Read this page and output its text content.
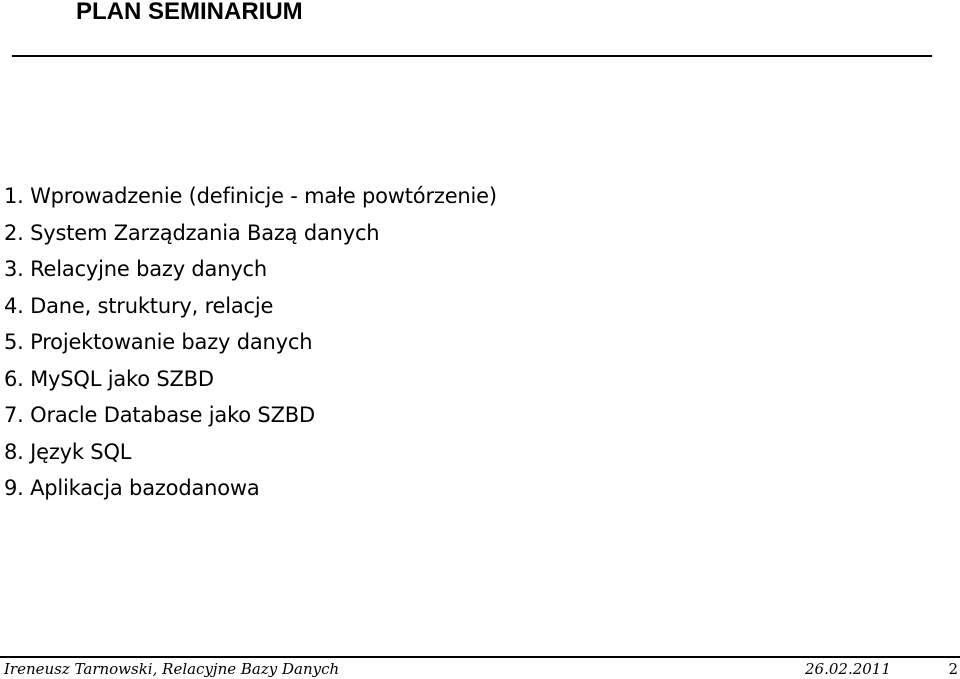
PLAN SEMINARIUM
1. Wprowadzenie (definicje - małe powtórzenie)
2. System Zarządzania Bazą danych
3. Relacyjne bazy danych
4. Dane, struktury, relacje
5. Projektowanie bazy danych
6. MySQL jako SZBD
7. Oracle Database jako SZBD
8. Język SQL
9. Aplikacja bazodanowa
Ireneusz Tarnowski, Relacyjne Bazy Danych	26.02.2011	2
